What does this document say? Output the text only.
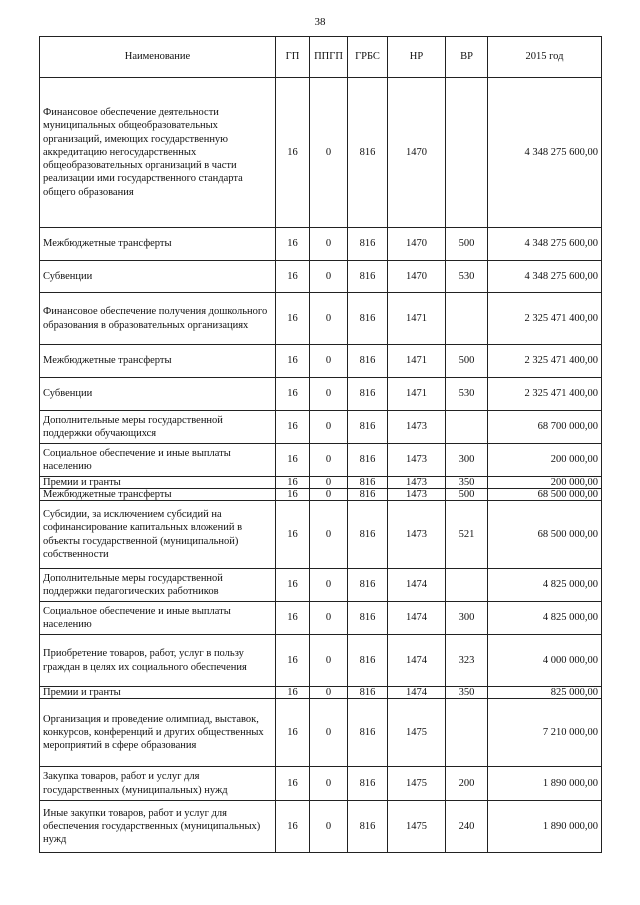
38
Наименование	ГП	ППГП	ГРБС	НР	ВР	2015 год
Финансовое обеспечение деятельности муниципальных общеобразовательных организаций, имеющих государственную аккредитацию негосударственных общеобразовательных организаций в части реализации ими государственного стандарта общего образования	16	0	816	1470		4 348 275 600,00
Межбюджетные трансферты	16	0	816	1470	500	4 348 275 600,00
Субвенции	16	0	816	1470	530	4 348 275 600,00
Финансовое обеспечение получения дошкольного образования в образовательных организациях	16	0	816	1471		2 325 471 400,00
Межбюджетные трансферты	16	0	816	1471	500	2 325 471 400,00
Субвенции	16	0	816	1471	530	2 325 471 400,00
Дополнительные меры государственной поддержки обучающихся	16	0	816	1473		68 700 000,00
Социальное обеспечение и иные выплаты населению	16	0	816	1473	300	200 000,00
Премии и гранты	16	0	816	1473	350	200 000,00
Межбюджетные трансферты	16	0	816	1473	500	68 500 000,00
Субсидии, за исключением субсидий на софинансирование капитальных вложений в объекты государственной (муниципальной) собственности	16	0	816	1473	521	68 500 000,00
Дополнительные меры государственной поддержки педагогических работников	16	0	816	1474		4 825 000,00
Социальное обеспечение и иные выплаты населению	16	0	816	1474	300	4 825 000,00
Приобретение товаров, работ, услуг в пользу граждан в целях их социального обеспечения	16	0	816	1474	323	4 000 000,00
Премии и гранты	16	0	816	1474	350	825 000,00
Организация и проведение олимпиад, выставок, конкурсов, конференций и других общественных мероприятий в сфере образования	16	0	816	1475		7 210 000,00
Закупка товаров, работ и услуг для государственных (муниципальных) нужд	16	0	816	1475	200	1 890 000,00
Иные закупки товаров, работ и услуг для обеспечения государственных (муниципальных) нужд	16	0	816	1475	240	1 890 000,00
